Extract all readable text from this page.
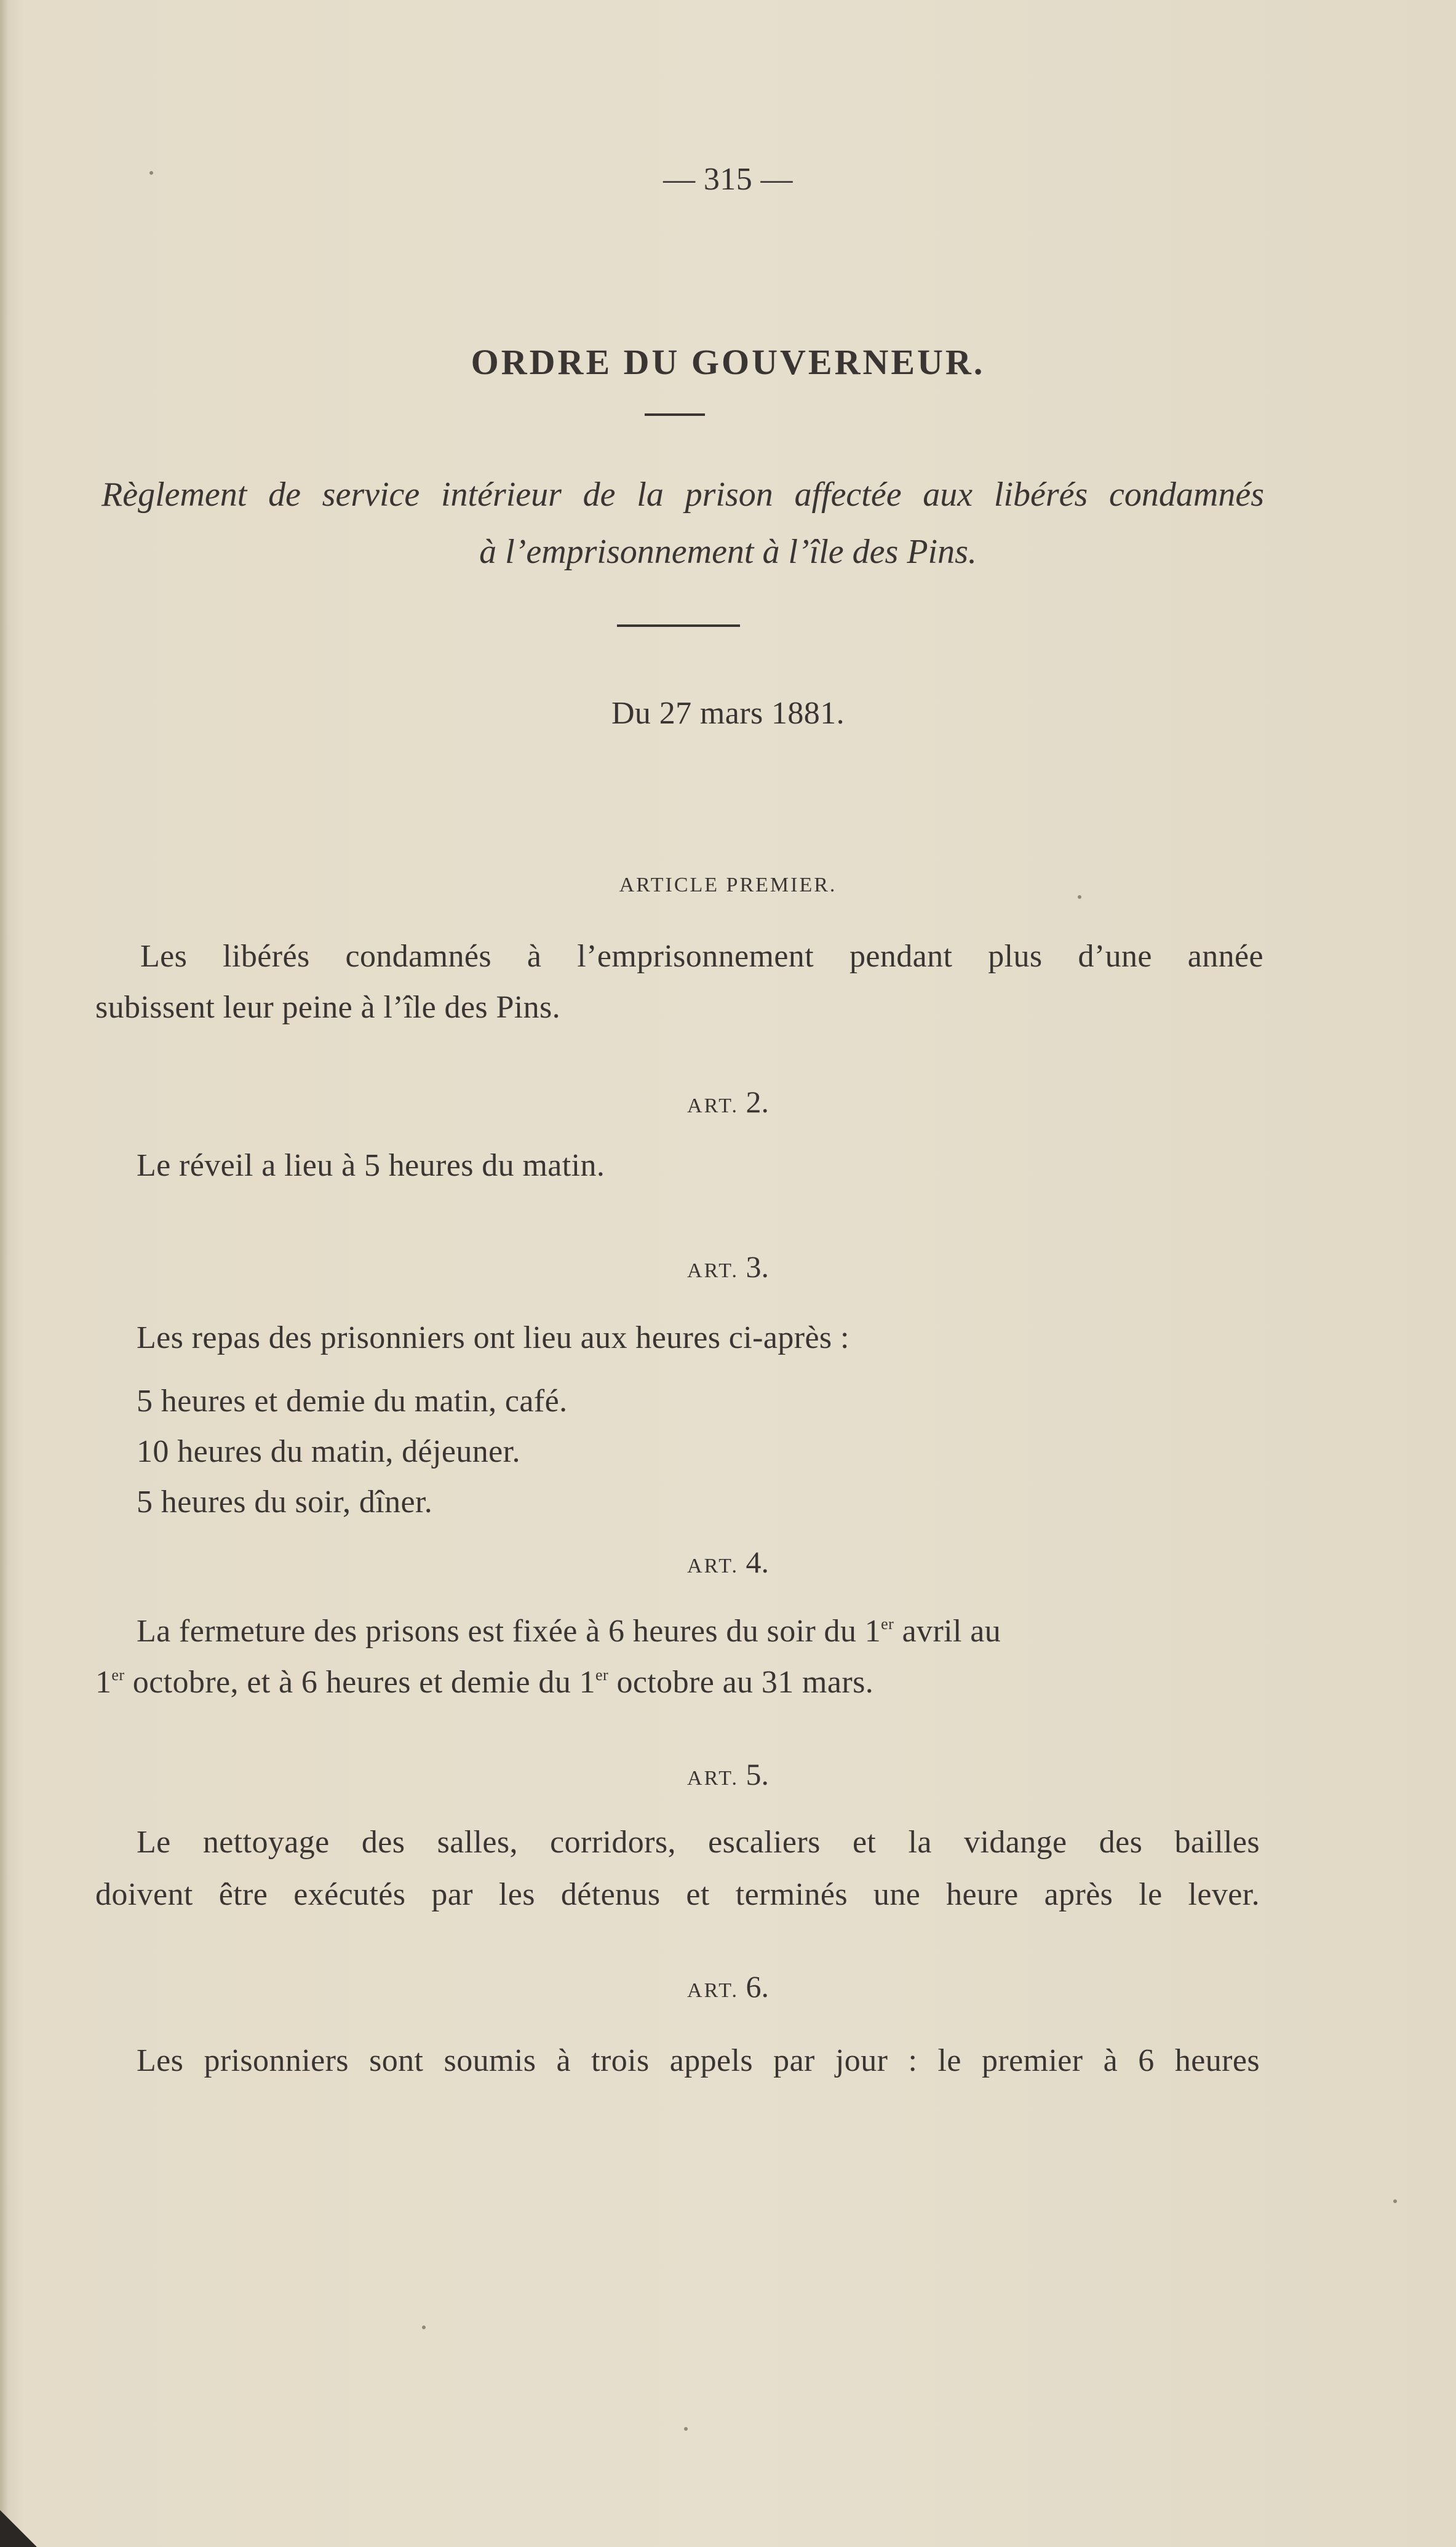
— 315 —
ORDRE DU GOUVERNEUR.
Règlement de service intérieur de la prison affectée aux libérés condamnés
à l’emprisonnement à l’île des Pins.
Du 27 mars 1881.
ARTICLE PREMIER.
Les libérés condamnés à l’emprisonnement pendant plus d’une année
subissent leur peine à l’île des Pins.
ART. 2.
Le réveil a lieu à 5 heures du matin.
ART. 3.
Les repas des prisonniers ont lieu aux heures ci-après :
5 heures et demie du matin, café.
10 heures du matin, déjeuner.
5 heures du soir, dîner.
ART. 4.
La fermeture des prisons est fixée à 6 heures du soir du 1er avril au
1er octobre, et à 6 heures et demie du 1er octobre au 31 mars.
ART. 5.
Le nettoyage des salles, corridors, escaliers et la vidange des bailles
doivent être exécutés par les détenus et terminés une heure après le lever.
ART. 6.
Les prisonniers sont soumis à trois appels par jour : le premier à 6 heures
